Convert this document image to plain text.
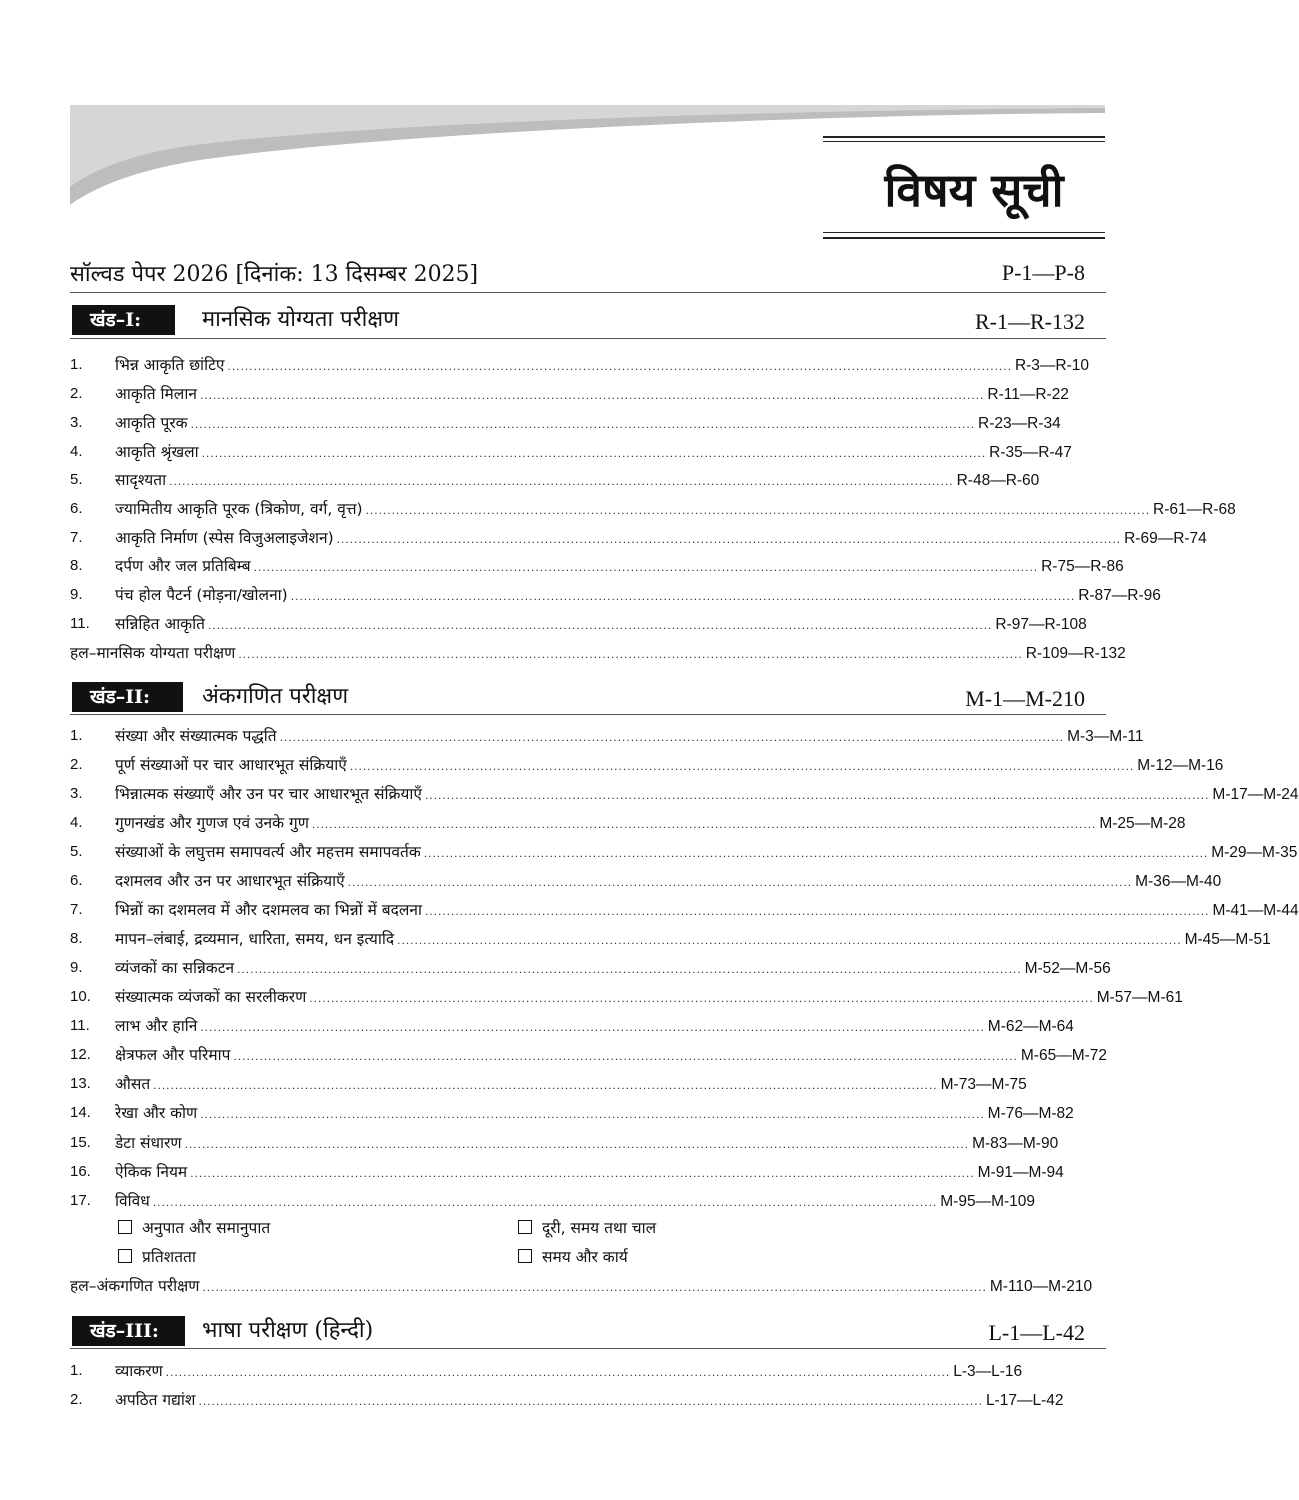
विषय सूची
सॉल्वड पेपर 2026 [दिनांक: 13 दिसम्बर 2025]	P-1—P-8
खंड–I:	मानसिक योग्यता परीक्षण	R-1—R-132
1.	भिन्न आकृति छांटिए ..................................................................................................................................................................................... R-3—R-10
2.	आकृति मिलान ..................................................................................................................................................................................... R-11—R-22
3.	आकृति पूरक ..................................................................................................................................................................................... R-23—R-34
4.	आकृति श्रृंखला ..................................................................................................................................................................................... R-35—R-47
5.	सादृश्यता ..................................................................................................................................................................................... R-48—R-60
6.	ज्यामितीय आकृति पूरक (त्रिकोण, वर्ग, वृत्त) ..................................................................................................................................................................................... R-61—R-68
7.	आकृति निर्माण (स्पेस विजुअलाइजेशन) ..................................................................................................................................................................................... R-69—R-74
8.	दर्पण और जल प्रतिबिम्ब ..................................................................................................................................................................................... R-75—R-86
9.	पंच होल पैटर्न (मोड़ना/खोलना) ..................................................................................................................................................................................... R-87—R-96
11.	सन्निहित आकृति ..................................................................................................................................................................................... R-97—R-108
हल–मानसिक योग्यता परीक्षण ..................................................................................................................................................................................... R-109—R-132
खंड–II:	अंकगणित परीक्षण	M-1—M-210
1.	संख्या और संख्यात्मक पद्धति ..................................................................................................................................................................................... M-3—M-11
2.	पूर्ण संख्याओं पर चार आधारभूत संक्रियाएँ ..................................................................................................................................................................................... M-12—M-16
3.	भिन्नात्मक संख्याएँ और उन पर चार आधारभूत संक्रियाएँ ..................................................................................................................................................................................... M-17—M-24
4.	गुणनखंड और गुणज एवं उनके गुण ..................................................................................................................................................................................... M-25—M-28
5.	संख्याओं के लघुत्तम समापवर्त्य और महत्तम समापवर्तक ..................................................................................................................................................................................... M-29—M-35
6.	दशमलव और उन पर आधारभूत संक्रियाएँ ..................................................................................................................................................................................... M-36—M-40
7.	भिन्नों का दशमलव में और दशमलव का भिन्नों में बदलना ..................................................................................................................................................................................... M-41—M-44
8.	मापन–लंबाई, द्रव्यमान, धारिता, समय, धन इत्यादि ..................................................................................................................................................................................... M-45—M-51
9.	व्यंजकों का सन्निकटन ..................................................................................................................................................................................... M-52—M-56
10.	संख्यात्मक व्यंजकों का सरलीकरण ..................................................................................................................................................................................... M-57—M-61
11.	लाभ और हानि ..................................................................................................................................................................................... M-62—M-64
12.	क्षेत्रफल और परिमाप ..................................................................................................................................................................................... M-65—M-72
13.	औसत ..................................................................................................................................................................................... M-73—M-75
14.	रेखा और कोण ..................................................................................................................................................................................... M-76—M-82
15.	डेटा संधारण ..................................................................................................................................................................................... M-83—M-90
16.	ऐकिक नियम ..................................................................................................................................................................................... M-91—M-94
17.	विविध ..................................................................................................................................................................................... M-95—M-109
अनुपात और समानुपात	दूरी, समय तथा चाल
प्रतिशतता	समय और कार्य
हल–अंकगणित परीक्षण ..................................................................................................................................................................................... M-110—M-210
खंड–III:	भाषा परीक्षण (हिन्दी)	L-1—L-42
1.	व्याकरण ..................................................................................................................................................................................... L-3—L-16
2.	अपठित गद्यांश ..................................................................................................................................................................................... L-17—L-42
